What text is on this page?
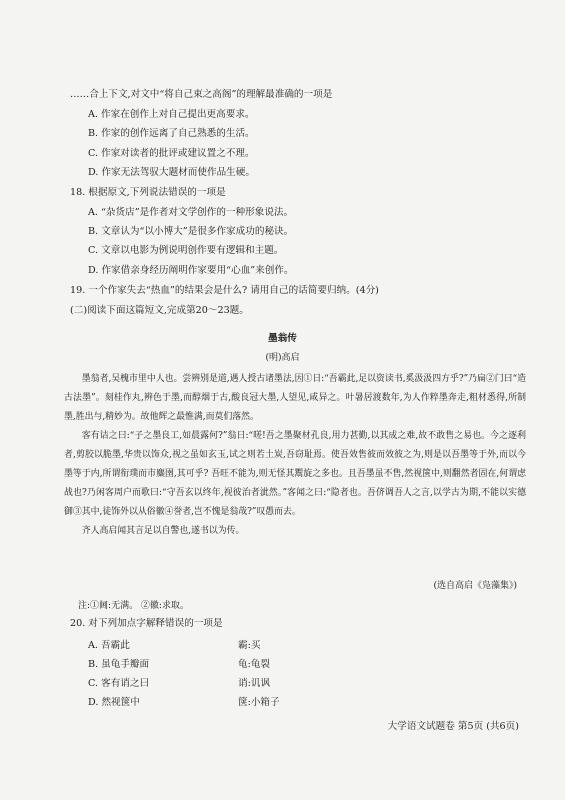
……合上下文,对文中“将自己束之高阁”的理解最准确的一项是
A. 作家在创作上对自己提出更高要求。
B. 作家的创作远离了自己熟悉的生活。
C. 作家对读者的批评或建议置之不理。
D. 作家无法驾驭大题材而使作品生硬。
18. 根据原文,下列说法错误的一项是
A. “杂货店”是作者对文学创作的一种形象说法。
B. 文章认为“以小博大”是很多作家成功的秘诀。
C. 文章以电影为例说明创作要有逻辑和主题。
D. 作家借亲身经历阐明作家要用“心血”来创作。
19. 一个作家失去“热血”的结果会是什么? 请用自己的话简要归纳。(4分)
(二)阅读下面这篇短文,完成第20～23题。
墨翁传
(明)高启

墨翁者,吴槐市里中人也。尝辨别是道,遇人授古诸墨法,因①日:“吾霸此,足以资读书,奚汲汲四方乎?”乃扁②门曰“造古法墨”。刻桂作丸,辨色于墨,而醇烟于古,酸良冠大墨,人望见,咸异之。叶暑居渡数年,为人作粹墨奔走,粗材悉得,所制墨,胜出与,精妙为。故他辉之最惟满,而莫们落然。

客有诘之曰:“子之墨良工,如晨露何?”翁日:“嗟!吾之墨聚材孔良,用力甚勤,以其成之难,故不敢售之易也。今之逐利者,剪胶以脆墨,华贵以饰众,视之虽如玄玉,试之则若土炭,吾窃耻焉。使吾效售彼而效彼之为,则是以吾墨等于外,而以今墨等于内,所谓衔璞而市麋圉,其可乎? 吾旺不能为,则无怪其鬻旋之多也。且吾墨虽不售,然视箧中,则翻然者固在,何谓虑战也?乃闲客周户而歌曰:“守吾玄以终年,视彼治者泚然。”客闻之曰:“隐者也。吾侪调吾人之言,以学古为期,不能以实德御③其中,徒饰外以从俗徽④誉者,岂不愧是翁哉?”叹愚而去。

齐人高启闻其言足以自警也,遂书以为传。

(选自高启《凫藻集》)
注:①阃:无满。 ②徽:求取。
20. 对下列加点字解释错误的一项是
A. 吾霸此	霸:买
B. 虽龟手瓣面	龟:龟裂
C. 客有诮之曰	诮:讥讽
D. 然视箧中	箧:小箱子
大学语文试题卷 第5页 (共6页)
